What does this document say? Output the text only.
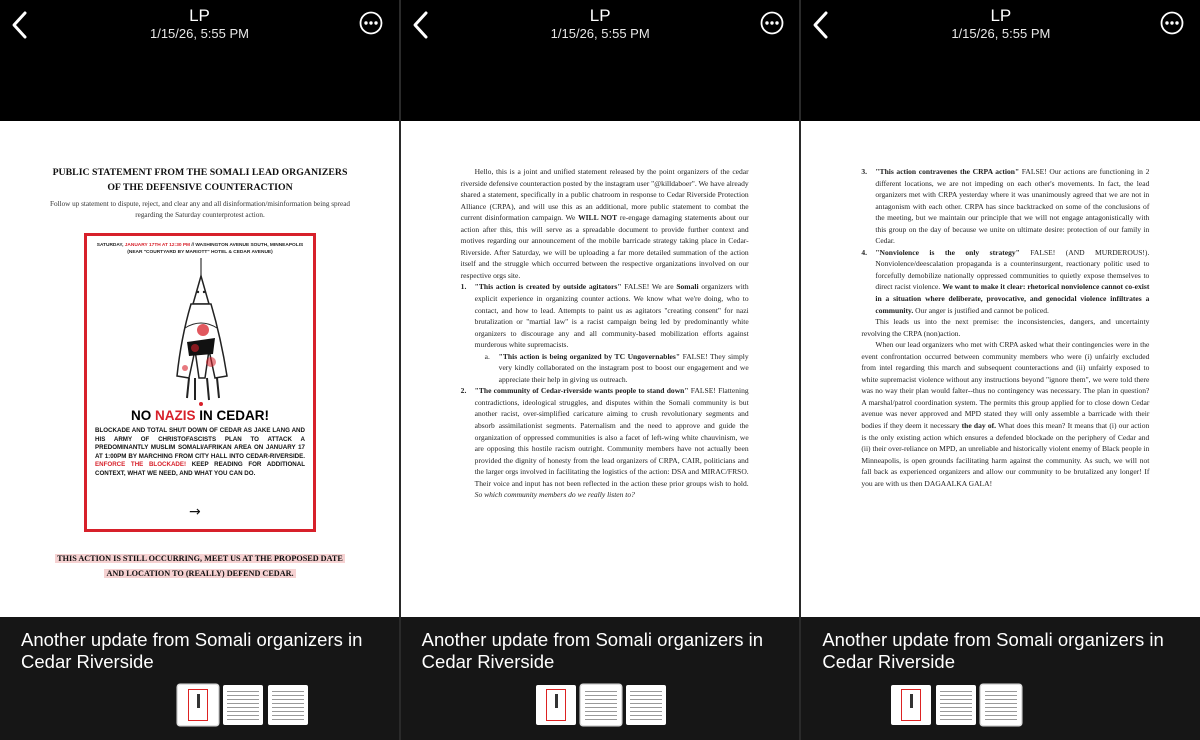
LP
1/15/26, 5:55 PM
PUBLIC STATEMENT FROM THE SOMALI LEAD ORGANIZERS
OF THE DEFENSIVE COUNTERACTION
Follow up statement to dispute, reject, and clear any and all disinformation/misinformation being spread regarding the Saturday counterprotest action.
SATURDAY, JANUARY 17TH AT 12:30 PM // WASHINGTON AVENUE SOUTH, MINNEAPOLIS
(NEAR "COURTYARD BY MARIOTT" HOTEL & CEDAR AVENUE)
NO NAZIS IN CEDAR!
BLOCKADE AND TOTAL SHUT DOWN OF CEDAR AS JAKE LANG AND HIS ARMY OF CHRISTOFASCISTS PLAN TO ATTACK A PREDOMINANTLY MUSLIM SOMALI/AFRIKAN AREA ON JANUARY 17 AT 1:00PM BY MARCHING FROM CITY HALL INTO CEDAR-RIVERSIDE. ENFORCE THE BLOCKADE! KEEP READING FOR ADDITIONAL CONTEXT, WHAT WE NEED, AND WHAT YOU CAN DO.
→
THIS ACTION IS STILL OCCURRING, MEET US AT THE PROPOSED DATE AND LOCATION TO (REALLY) DEFEND CEDAR.
Another update from Somali organizers in Cedar Riverside
LP
1/15/26, 5:55 PM

Hello, this is a joint and unified statement released by the point organizers of the cedar riverside defensive counteraction posted by the instagram user "@killdaboer". We have already shared a statement, specifically in a public chatroom in response to Cedar Riverside Protection Alliance (CRPA), and will use this as an additional, more public statement to combat the current disinformation campaign. We WILL NOT re-engage damaging statements about our action after this, this will serve as a spreadable document to provide further context and motives regarding our announcement of the mobile barricade strategy taking place in Cedar-Riverside. After Saturday, we will be uploading a far more detailed summation of the action itself and the struggle which occurred between the respective organizations involved on our respective orgs site.

1. "This action is created by outside agitators" FALSE! We are Somali organizers with explicit experience in organizing counter actions. We know what we're doing, who to contact, and how to lead. Attempts to paint us as agitators "creating consent" for nazi brutalization or "martial law" is a racist campaign being led by predominantly white organizers to discourage any and all community-based mobilization efforts against murderous white supremacists.
a. "This action is being organized by TC Ungovernables" FALSE! They simply very kindly collaborated on the instagram post to boost our engagement and we appreciate their help in giving us outreach.
2. "The community of Cedar-riverside wants people to stand down" FALSE! Flattening contradictions, ideological struggles, and disputes within the Somali community is but another racist, over-simplified caricature aiming to crush revolutionary segments and absorb assimilationist segments. Paternalism and the need to approve and guide the organization of oppressed communities is also a facet of left-wing white chauvinism, we are opposing this hostile racism outright. Community members have not actually been provided the dignity of honesty from the lead organizers of CRPA, CAIR, politicians and the larger orgs involved in facilitating the logistics of the action: DSA and MIRAC/FRSO. Their voice and input has not been reflected in the action these prior groups wish to hold. So which community members do we really listen to?
Another update from Somali organizers in Cedar Riverside
LP
1/15/26, 5:55 PM
3. "This action contravenes the CRPA action" FALSE! Our actions are functioning in 2 different locations, we are not impeding on each other's movements. In fact, the lead organizers met with CRPA yesterday where it was unanimously agreed that we are not in antagonism with each other. CRPA has since backtracked on some of the conclusions of the meeting, but we maintain our principle that we will not engage antagonistically with this group on the day of because we unite on ultimate desire: protection of our family in Cedar.
4. "Nonviolence is the only strategy" FALSE! (AND MURDEROUS!). Nonviolence/deescalation propaganda is a counterinsurgent, reactionary politic used to forcefully demobilize nationally oppressed communities to quietly expose themselves to direct racist violence. We want to make it clear: rhetorical nonviolence cannot co-exist in a situation where deliberate, provocative, and genocidal violence infiltrates a community. Our anger is justified and cannot be policed.

This leads us into the next premise: the inconsistencies, dangers, and uncertainty revolving the CRPA (non)action.

When our lead organizers who met with CRPA asked what their contingencies were in the event confrontation occurred between community members who were (i) unfairly excluded from intel regarding this march and subsequent counteractions and (ii) unfairly exposed to white supremacist violence without any instructions beyond "ignore them", we were told there was no way their plan would falter--thus no contingency was necessary. The plan in question? A marshal/patrol coordination system. The permits this group applied for to close down Cedar avenue was never approved and MPD stated they will only assemble a barricade with their bodies if they deem it necessary the day of. What does this mean? It means that (i) our action is the only existing action which ensures a defended blockade on the periphery of Cedar and (ii) their over-reliance on MPD, an unreliable and historically violent enemy of Black people in Minneapolis, is open grounds facilitating harm against the community. As such, we will not fall back as experienced organizers and allow our community to be brutalized any longer! If you are with us then DAGAALKA GALA!

Another update from Somali organizers in Cedar Riverside
